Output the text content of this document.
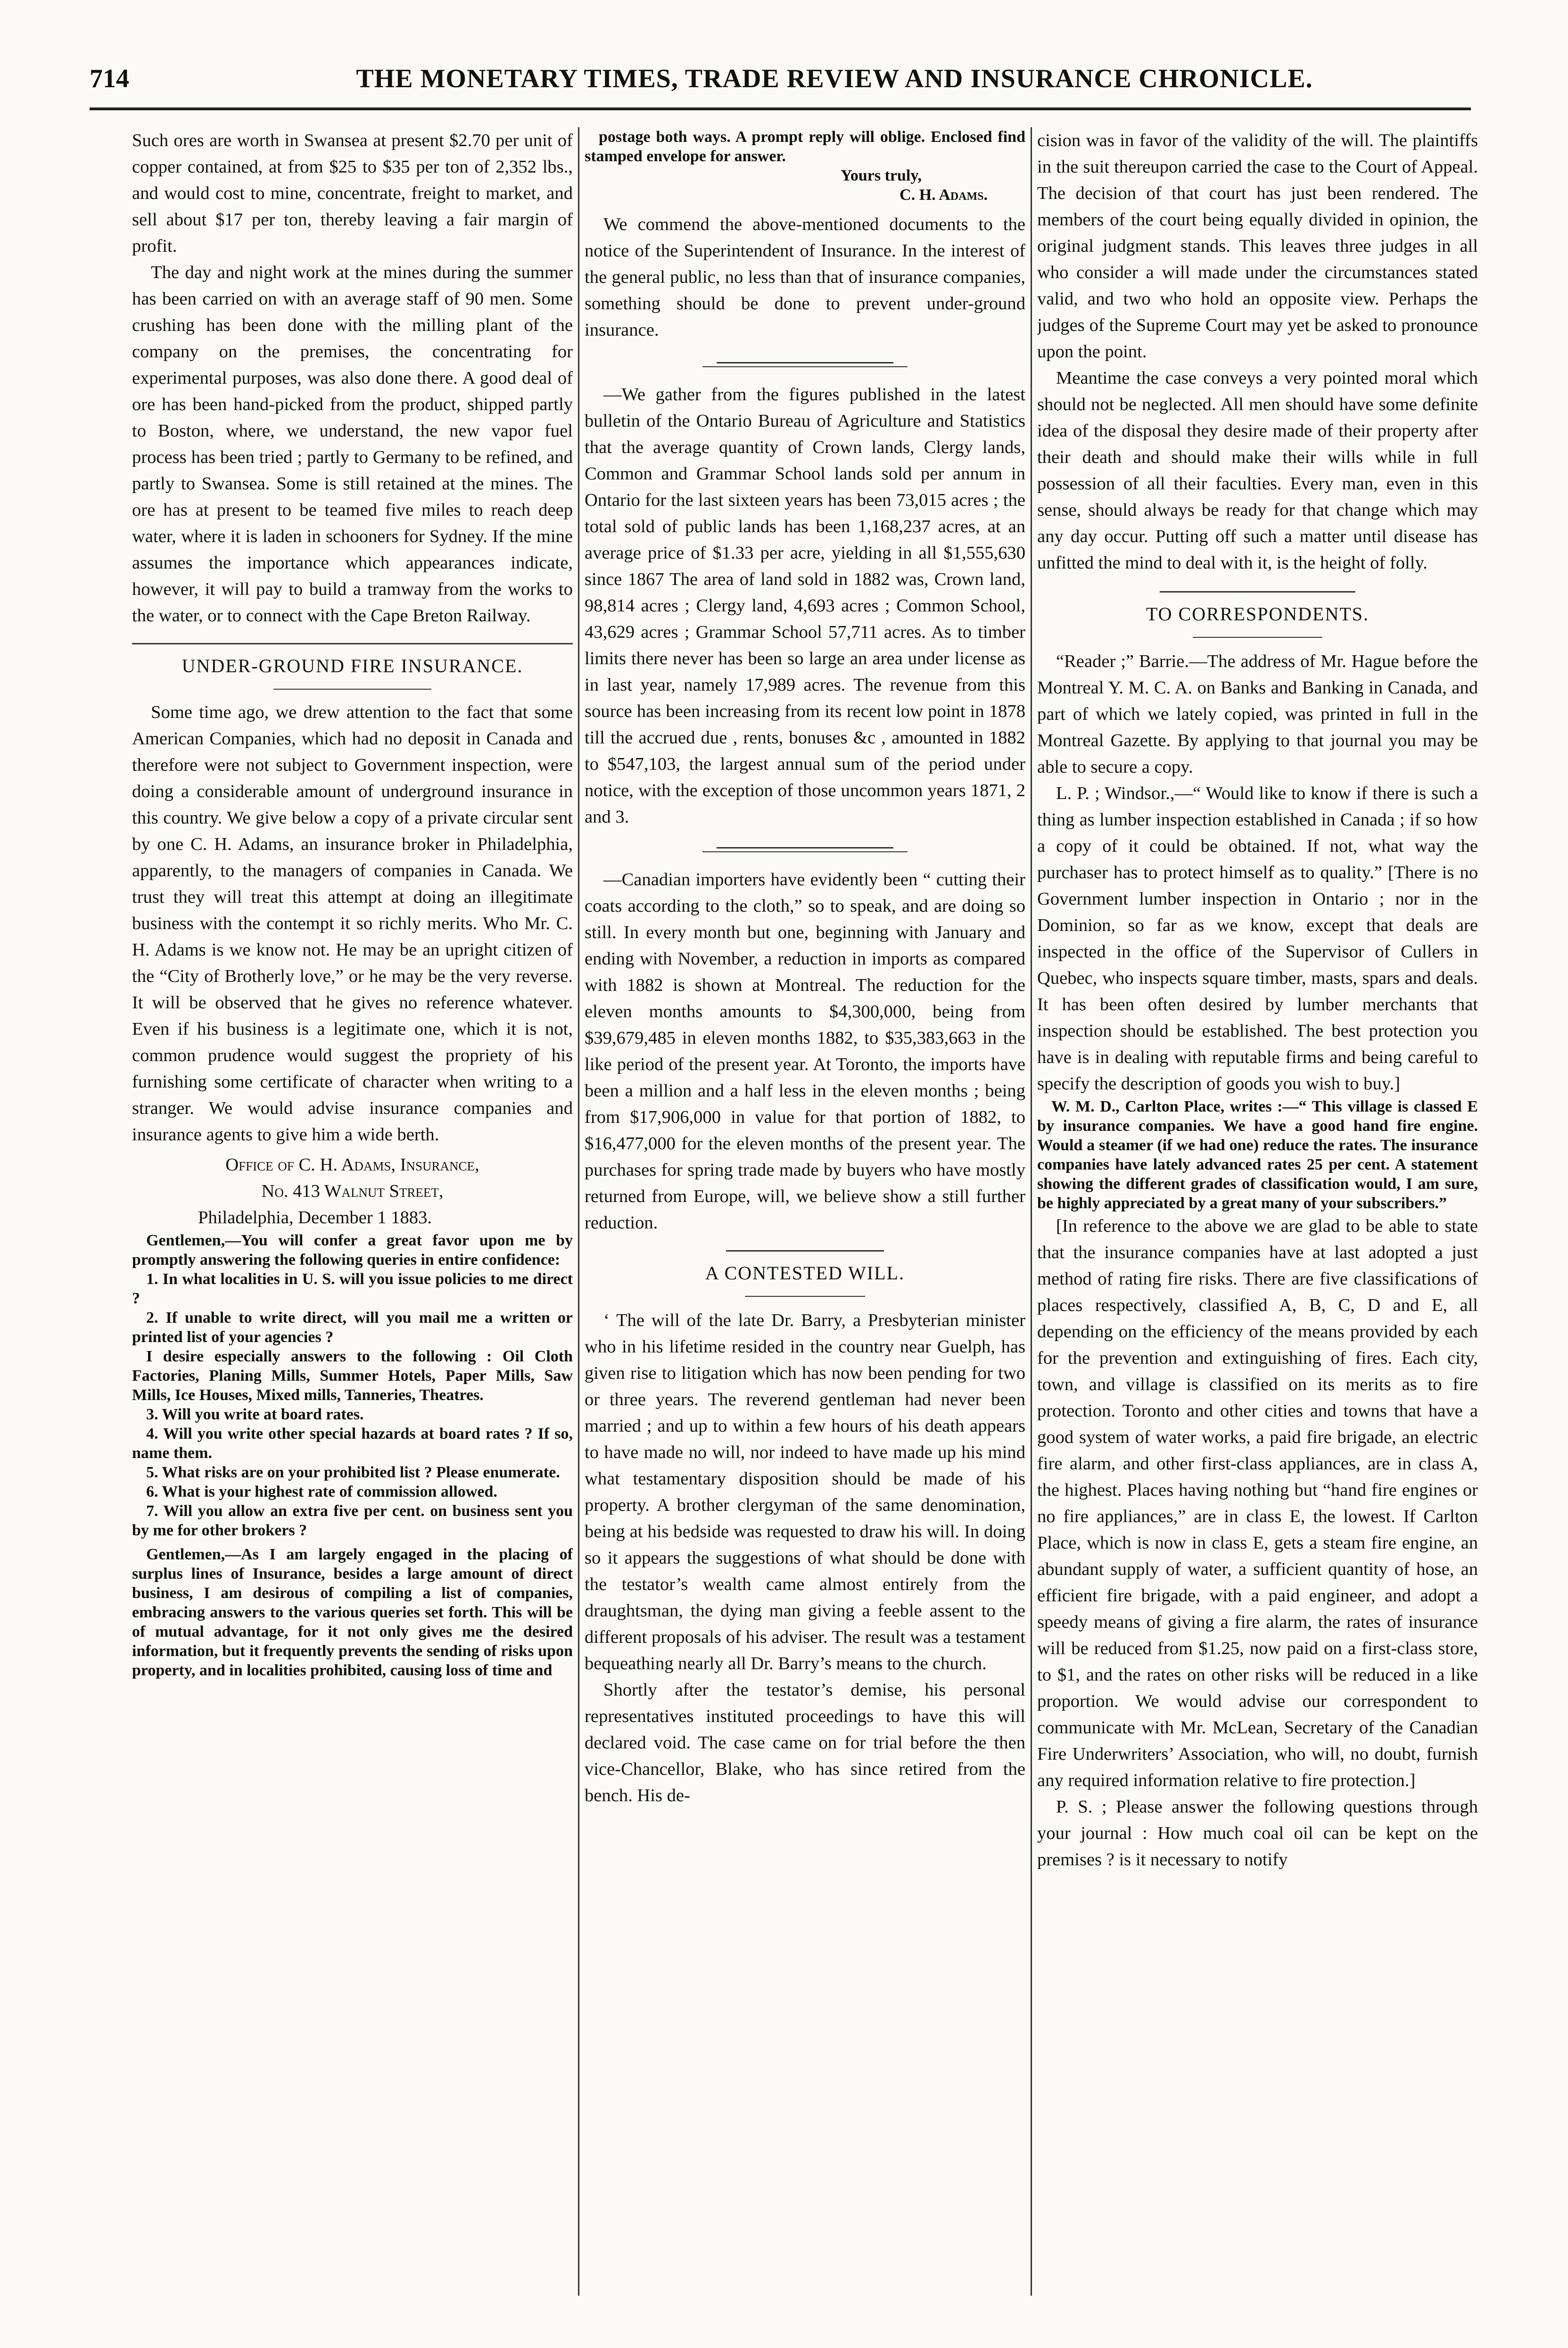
714	THE MONETARY TIMES, TRADE REVIEW AND INSURANCE CHRONICLE.

Such ores are worth in Swansea at present $2.70 per unit of copper contained, at from $25 to $35 per ton of 2,352 lbs., and would cost to mine, concentrate, freight to market, and sell about $17 per ton, thereby leaving a fair margin of profit.

The day and night work at the mines during the summer has been carried on with an average staff of 90 men. Some crushing has been done with the milling plant of the company on the premises, the concentrating for experimental purposes, was also done there. A good deal of ore has been hand-picked from the product, shipped partly to Boston, where, we understand, the new vapor fuel process has been tried ; partly to Germany to be refined, and partly to Swansea. Some is still retained at the mines. The ore has at present to be teamed five miles to reach deep water, where it is laden in schooners for Sydney. If the mine assumes the importance which appearances indicate, however, it will pay to build a tramway from the works to the water, or to connect with the Cape Breton Railway.

UNDER-GROUND FIRE INSURANCE.

Some time ago, we drew attention to the fact that some American Companies, which had no deposit in Canada and therefore were not subject to Government inspection, were doing a considerable amount of underground insurance in this country. We give below a copy of a private circular sent by one C. H. Adams, an insurance broker in Philadelphia, apparently, to the managers of companies in Canada. We trust they will treat this attempt at doing an illegitimate business with the contempt it so richly merits. Who Mr. C. H. Adams is we know not. He may be an upright citizen of the “City of Brotherly love,” or he may be the very reverse. It will be observed that he gives no reference whatever. Even if his business is a legitimate one, which it is not, common prudence would suggest the propriety of his furnishing some certificate of character when writing to a stranger. We would advise insurance companies and insurance agents to give him a wide berth.

Office of C. H. Adams, Insurance,

No. 413 Walnut Street,

Philadelphia, December 1 1883.

Gentlemen,—You will confer a great favor upon me by promptly answering the following queries in entire confidence:

1. In what localities in U. S. will you issue policies to me direct ?

2. If unable to write direct, will you mail me a written or printed list of your agencies ?

I desire especially answers to the following : Oil Cloth Factories, Planing Mills, Summer Hotels, Paper Mills, Saw Mills, Ice Houses, Mixed mills, Tanneries, Theatres.

3. Will you write at board rates.

4. Will you write other special hazards at board rates ? If so, name them.

5. What risks are on your prohibited list ? Please enumerate.

6. What is your highest rate of commission allowed.

7. Will you allow an extra five per cent. on business sent you by me for other brokers ?

Gentlemen,—As I am largely engaged in the placing of surplus lines of Insurance, besides a large amount of direct business, I am desirous of compiling a list of companies, embracing answers to the various queries set forth. This will be of mutual advantage, for it not only gives me the desired information, but it frequently prevents the sending of risks upon property, and in localities prohibited, causing loss of time and

postage both ways. A prompt reply will oblige. Enclosed find stamped envelope for answer.

Yours truly,

C. H. Adams.

We commend the above-mentioned documents to the notice of the Superintendent of Insurance. In the interest of the general public, no less than that of insurance companies, something should be done to prevent under-ground insurance.

—We gather from the figures published in the latest bulletin of the Ontario Bureau of Agriculture and Statistics that the average quantity of Crown lands, Clergy lands, Common and Grammar School lands sold per annum in Ontario for the last sixteen years has been 73,015 acres ; the total sold of public lands has been 1,168,237 acres, at an average price of $1.33 per acre, yielding in all $1,555,630 since 1867 The area of land sold in 1882 was, Crown land, 98,814 acres ; Clergy land, 4,693 acres ; Common School, 43,629 acres ; Grammar School 57,711 acres. As to timber limits there never has been so large an area under license as in last year, namely 17,989 acres. The revenue from this source has been increasing from its recent low point in 1878 till the accrued due , rents, bonuses &c , amounted in 1882 to $547,103, the largest annual sum of the period under notice, with the exception of those uncommon years 1871, 2 and 3.

—Canadian importers have evidently been “ cutting their coats according to the cloth,” so to speak, and are doing so still. In every month but one, beginning with January and ending with November, a reduction in imports as compared with 1882 is shown at Montreal. The reduction for the eleven months amounts to $4,300,000, being from $39,679,485 in eleven months 1882, to $35,383,663 in the like period of the present year. At Toronto, the imports have been a million and a half less in the eleven months ; being from $17,906,000 in value for that portion of 1882, to $16,477,000 for the eleven months of the present year. The purchases for spring trade made by buyers who have mostly returned from Europe, will, we believe show a still further reduction.

A CONTESTED WILL.

‘ The will of the late Dr. Barry, a Presbyterian minister who in his lifetime resided in the country near Guelph, has given rise to litigation which has now been pending for two or three years. The reverend gentleman had never been married ; and up to within a few hours of his death appears to have made no will, nor indeed to have made up his mind what testamentary disposition should be made of his property. A brother clergyman of the same denomination, being at his bedside was requested to draw his will. In doing so it appears the suggestions of what should be done with the testator’s wealth came almost entirely from the draughtsman, the dying man giving a feeble assent to the different proposals of his adviser. The result was a testament bequeathing nearly all Dr. Barry’s means to the church.

Shortly after the testator’s demise, his personal representatives instituted proceedings to have this will declared void. The case came on for trial before the then vice-Chancellor, Blake, who has since retired from the bench. His de-

cision was in favor of the validity of the will. The plaintiffs in the suit thereupon carried the case to the Court of Appeal. The decision of that court has just been rendered. The members of the court being equally divided in opinion, the original judgment stands. This leaves three judges in all who consider a will made under the circumstances stated valid, and two who hold an opposite view. Perhaps the judges of the Supreme Court may yet be asked to pronounce upon the point.

Meantime the case conveys a very pointed moral which should not be neglected. All men should have some definite idea of the disposal they desire made of their property after their death and should make their wills while in full possession of all their faculties. Every man, even in this sense, should always be ready for that change which may any day occur. Putting off such a matter until disease has unfitted the mind to deal with it, is the height of folly.

TO CORRESPONDENTS.

“Reader ;” Barrie.—The address of Mr. Hague before the Montreal Y. M. C. A. on Banks and Banking in Canada, and part of which we lately copied, was printed in full in the Montreal Gazette. By applying to that journal you may be able to secure a copy.

L. P. ; Windsor.,—“ Would like to know if there is such a thing as lumber inspection established in Canada ; if so how a copy of it could be obtained. If not, what way the purchaser has to protect himself as to quality.” [There is no Government lumber inspection in Ontario ; nor in the Dominion, so far as we know, except that deals are inspected in the office of the Supervisor of Cullers in Quebec, who inspects square timber, masts, spars and deals. It has been often desired by lumber merchants that inspection should be established. The best protection you have is in dealing with reputable firms and being careful to specify the description of goods you wish to buy.]

W. M. D., Carlton Place, writes :—“ This village is classed E by insurance companies. We have a good hand fire engine. Would a steamer (if we had one) reduce the rates. The insurance companies have lately advanced rates 25 per cent. A statement showing the different grades of classification would, I am sure, be highly appreciated by a great many of your subscribers.”

[In reference to the above we are glad to be able to state that the insurance companies have at last adopted a just method of rating fire risks. There are five classifications of places respectively, classified A, B, C, D and E, all depending on the efficiency of the means provided by each for the prevention and extinguishing of fires. Each city, town, and village is classified on its merits as to fire protection. Toronto and other cities and towns that have a good system of water works, a paid fire brigade, an electric fire alarm, and other first-class appliances, are in class A, the highest. Places having nothing but “hand fire engines or no fire appliances,” are in class E, the lowest. If Carlton Place, which is now in class E, gets a steam fire engine, an abundant supply of water, a sufficient quantity of hose, an efficient fire brigade, with a paid engineer, and adopt a speedy means of giving a fire alarm, the rates of insurance will be reduced from $1.25, now paid on a first-class store, to $1, and the rates on other risks will be reduced in a like proportion. We would advise our correspondent to communicate with Mr. McLean, Secretary of the Canadian Fire Underwriters’ Association, who will, no doubt, furnish any required information relative to fire protection.]

P. S. ; Please answer the following questions through your journal : How much coal oil can be kept on the premises ? is it necessary to notify
